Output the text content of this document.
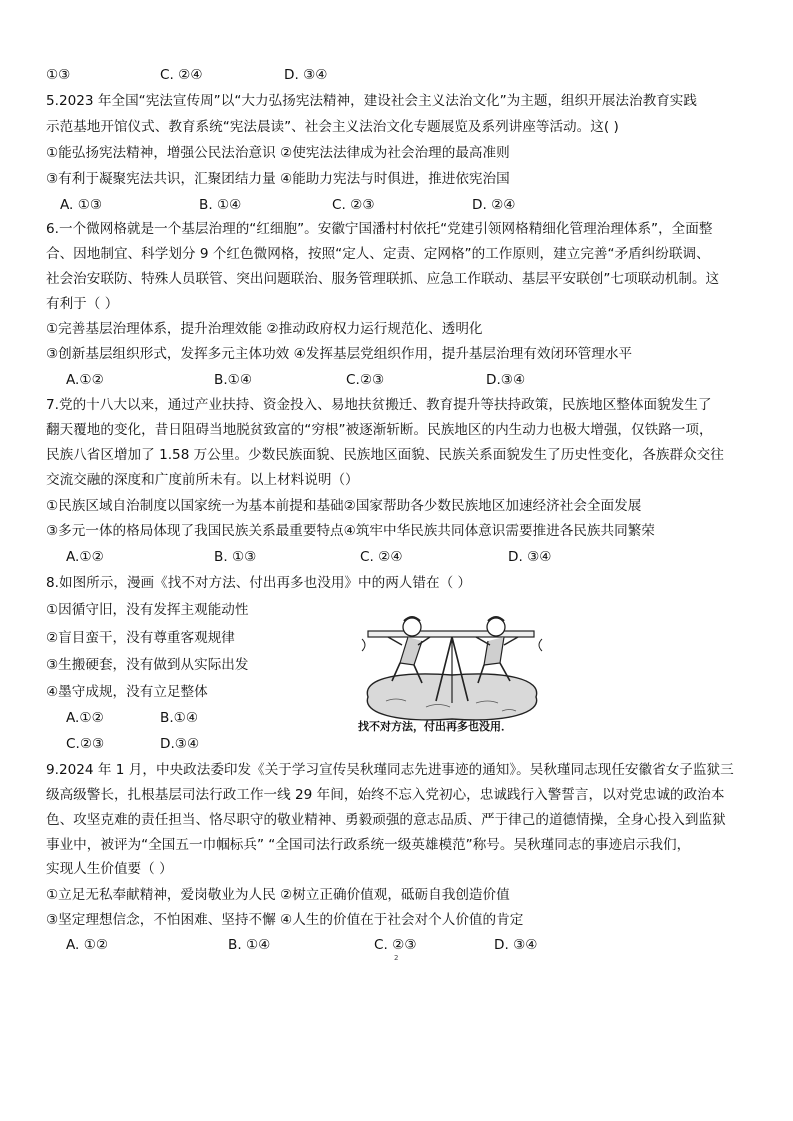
①③	C. ②④	D. ③④
5.2023 年全国“宪法宣传周”以“大力弘扬宪法精神，建设社会主义法治文化”为主题，组织开展法治教育实践
示范基地开馆仪式、教育系统“宪法晨读”、社会主义法治文化专题展览及系列讲座等活动。这( )
①能弘扬宪法精神，增强公民法治意识 ②使宪法法律成为社会治理的最高准则
③有利于凝聚宪法共识，汇聚团结力量 ④能助力宪法与时俱进，推进依宪治国
A. ①③	B. ①④	C. ②③	D. ②④
6.一个微网格就是一个基层治理的“红细胞”。安徽宁国潘村村依托“党建引领网格精细化管理治理体系”，全面整
合、因地制宜、科学划分 9 个红色微网格，按照“定人、定责、定网格”的工作原则，建立完善“矛盾纠纷联调、
社会治安联防、特殊人员联管、突出问题联治、服务管理联抓、应急工作联动、基层平安联创”七项联动机制。这
有利于（ ）
①完善基层治理体系，提升治理效能 ②推动政府权力运行规范化、透明化
③创新基层组织形式，发挥多元主体功效 ④发挥基层党组织作用，提升基层治理有效闭环管理水平
A.①②	B.①④	C.②③	D.③④
7.党的十八大以来，通过产业扶持、资金投入、易地扶贫搬迁、教育提升等扶持政策，民族地区整体面貌发生了
翻天覆地的变化，昔日阻碍当地脱贫致富的“穷根”被逐渐斩断。民族地区的内生动力也极大增强，仅铁路一项，
民族八省区增加了 1.58 万公里。少数民族面貌、民族地区面貌、民族关系面貌发生了历史性变化，各族群众交往
交流交融的深度和广度前所未有。以上材料说明（）
①民族区域自治制度以国家统一为基本前提和基础②国家帮助各少数民族地区加速经济社会全面发展
③多元一体的格局体现了我国民族关系最重要特点④筑牢中华民族共同体意识需要推进各民族共同繁荣
A.①②	B. ①③	C. ②④	D. ③④
8.如图所示，漫画《找不对方法、付出再多也没用》中的两人错在（ ）
①因循守旧，没有发挥主观能动性
②盲目蛮干，没有尊重客观规律
③生搬硬套，没有做到从实际出发
④墨守成规，没有立足整体
A.①②	B.①④
C.②③	D.③④
找不对方法，付出再多也没用．
9.2024 年 1 月，中央政法委印发《关于学习宣传吴秋瑾同志先进事迹的通知》。吴秋瑾同志现任安徽省女子监狱三
级高级警长，扎根基层司法行政工作一线 29 年间，始终不忘入党初心，忠诚践行入警誓言，以对党忠诚的政治本
色、攻坚克难的责任担当、恪尽职守的敬业精神、勇毅顽强的意志品质、严于律己的道德情操，全身心投入到监狱
事业中，被评为“全国五一巾帼标兵” “全国司法行政系统一级英雄模范”称号。吴秋瑾同志的事迹启示我们，
实现人生价值要（ ）
①立足无私奉献精神，爱岗敬业为人民 ②树立正确价值观，砥砺自我创造价值
③坚定理想信念，不怕困难、坚持不懈 ④人生的价值在于社会对个人价值的肯定
A. ①②	B. ①④	C. ②③	D. ③④
2
